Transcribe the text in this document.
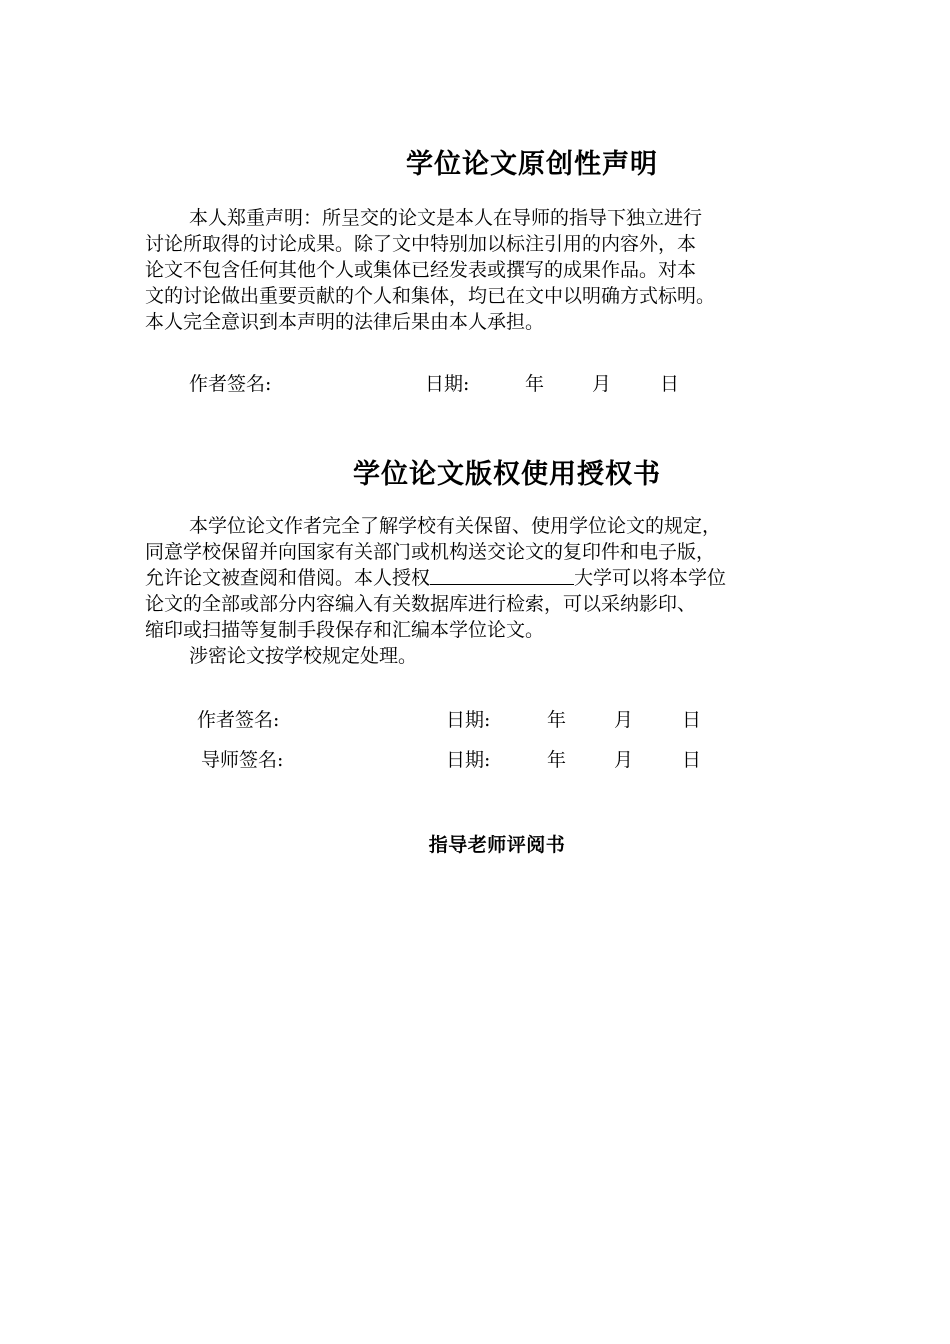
学位论文原创性声明
本人郑重声明：所呈交的论文是本人在导师的指导下独立进行
讨论所取得的讨论成果。除了文中特别加以标注引用的内容外，本
论文不包含任何其他个人或集体已经发表或撰写的成果作品。对本
文的讨论做出重要贡献的个人和集体，均已在文中以明确方式标明。
本人完全意识到本声明的法律后果由本人承担。
作者签名:	日期:	年	月	日
学位论文版权使用授权书
本学位论文作者完全了解学校有关保留、使用学位论文的规定，
同意学校保留并向国家有关部门或机构送交论文的复印件和电子版，
允许论文被查阅和借阅。本人授权	大学可以将本学位
论文的全部或部分内容编入有关数据库进行检索，可以采纳影印、
缩印或扫描等复制手段保存和汇编本学位论文。
涉密论文按学校规定处理。
作者签名:	日期:	年	月	日
导师签名:	日期:	年	月	日
指导老师评阅书
